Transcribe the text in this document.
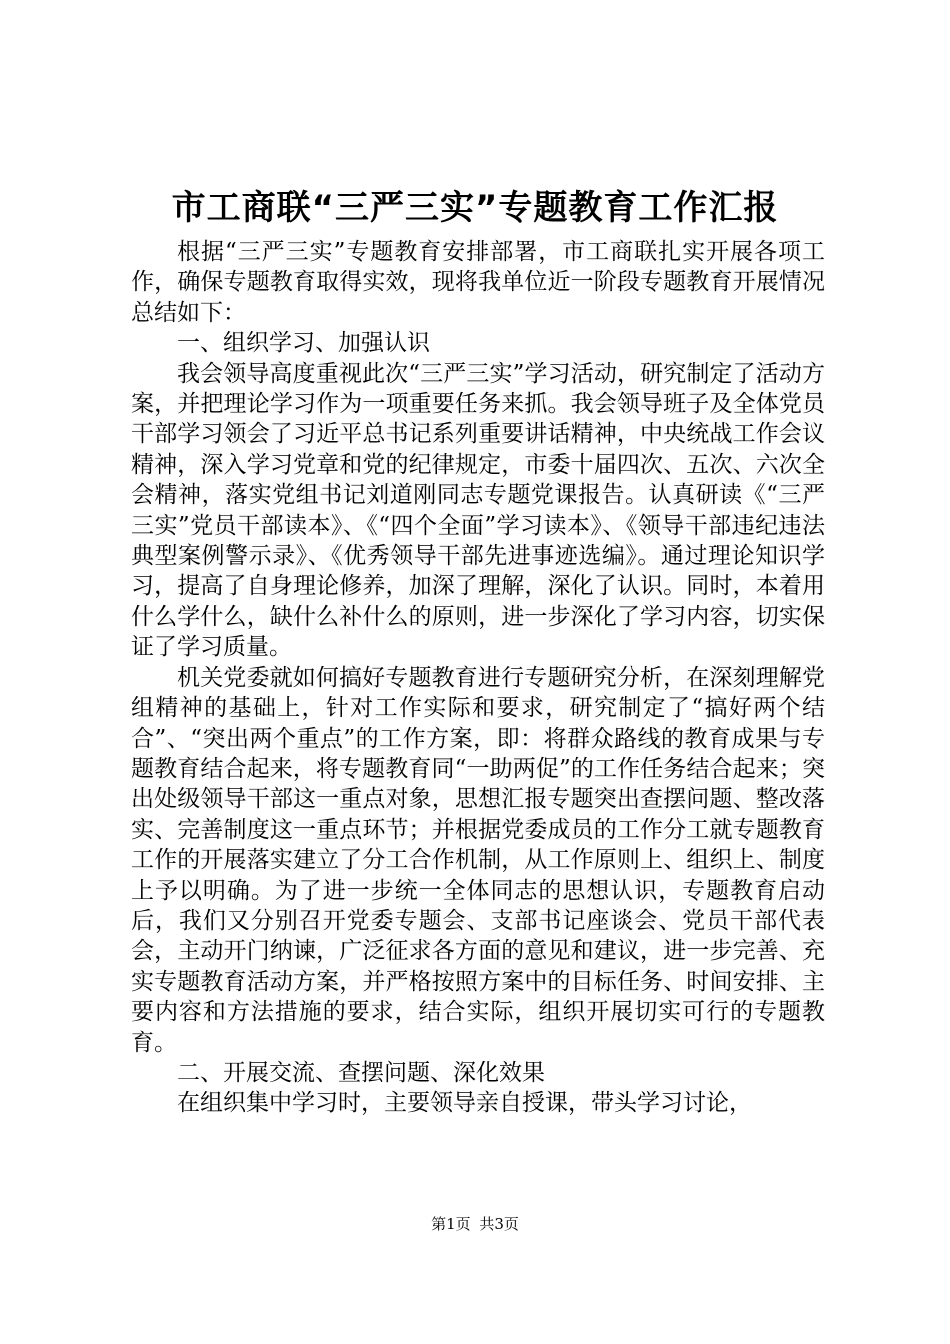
市工商联“三严三实”专题教育工作汇报

根据“三严三实”专题教育安排部署，市工商联扎实开展各项工作，确保专题教育取得实效，现将我单位近一阶段专题教育开展情况总结如下：

一、组织学习、加强认识

我会领导高度重视此次“三严三实”学习活动，研究制定了活动方案，并把理论学习作为一项重要任务来抓。我会领导班子及全体党员干部学习领会了习近平总书记系列重要讲话精神，中央统战工作会议精神，深入学习党章和党的纪律规定，市委十届四次、五次、六次全会精神，落实党组书记刘道刚同志专题党课报告。认真研读《“三严三实”党员干部读本》、《“四个全面”学习读本》、《领导干部违纪违法典型案例警示录》、《优秀领导干部先进事迹选编》。通过理论知识学习，提高了自身理论修养，加深了理解，深化了认识。同时，本着用什么学什么，缺什么补什么的原则，进一步深化了学习内容，切实保证了学习质量。

机关党委就如何搞好专题教育进行专题研究分析，在深刻理解党组精神的基础上，针对工作实际和要求，研究制定了“搞好两个结合”、“突出两个重点”的工作方案，即：将群众路线的教育成果与专题教育结合起来，将专题教育同“一助两促”的工作任务结合起来；突出处级领导干部这一重点对象，思想汇报专题突出查摆问题、整改落实、完善制度这一重点环节；并根据党委成员的工作分工就专题教育工作的开展落实建立了分工合作机制，从工作原则上、组织上、制度上予以明确。为了进一步统一全体同志的思想认识，专题教育启动后，我们又分别召开党委专题会、支部书记座谈会、党员干部代表会，主动开门纳谏，广泛征求各方面的意见和建议，进一步完善、充实专题教育活动方案，并严格按照方案中的目标任务、时间安排、主要内容和方法措施的要求，结合实际，组织开展切实可行的专题教育。

二、开展交流、查摆问题、深化效果

在组织集中学习时，主要领导亲自授课，带头学习讨论，

第1页 共3页
